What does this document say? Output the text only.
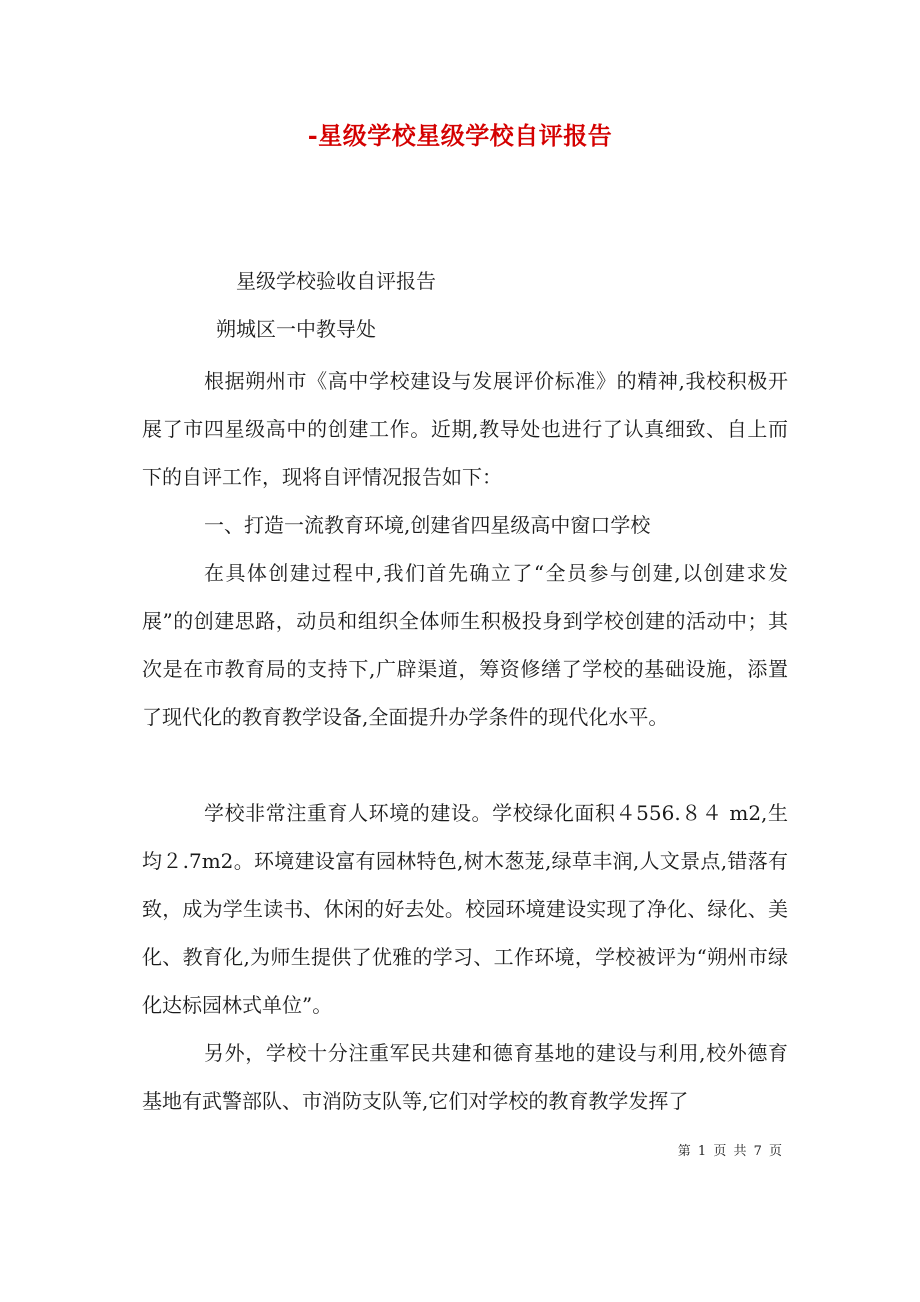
-星级学校星级学校自评报告

星级学校验收自评报告

朔城区一中教导处

根据朔州市《高中学校建设与发展评价标准》的精神,我校积极开展了市四星级高中的创建工作。近期,教导处也进行了认真细致、自上而下的自评工作，现将自评情况报告如下：

一、打造一流教育环境,创建省四星级高中窗口学校

在具体创建过程中,我们首先确立了“全员参与创建,以创建求发展”的创建思路，动员和组织全体师生积极投身到学校创建的活动中；其次是在市教育局的支持下,广辟渠道，筹资修缮了学校的基础设施，添置了现代化的教育教学设备,全面提升办学条件的现代化水平。

学校非常注重育人环境的建设。学校绿化面积４556.８４ m2,生均２.7m2。环境建设富有园林特色,树木葱茏,绿草丰润,人文景点,错落有致，成为学生读书、休闲的好去处。校园环境建设实现了净化、绿化、美化、教育化,为师生提供了优雅的学习、工作环境，学校被评为“朔州市绿化达标园林式单位”。

另外，学校十分注重军民共建和德育基地的建设与利用,校外德育基地有武警部队、市消防支队等,它们对学校的教育教学发挥了

第 1 页 共 7 页
